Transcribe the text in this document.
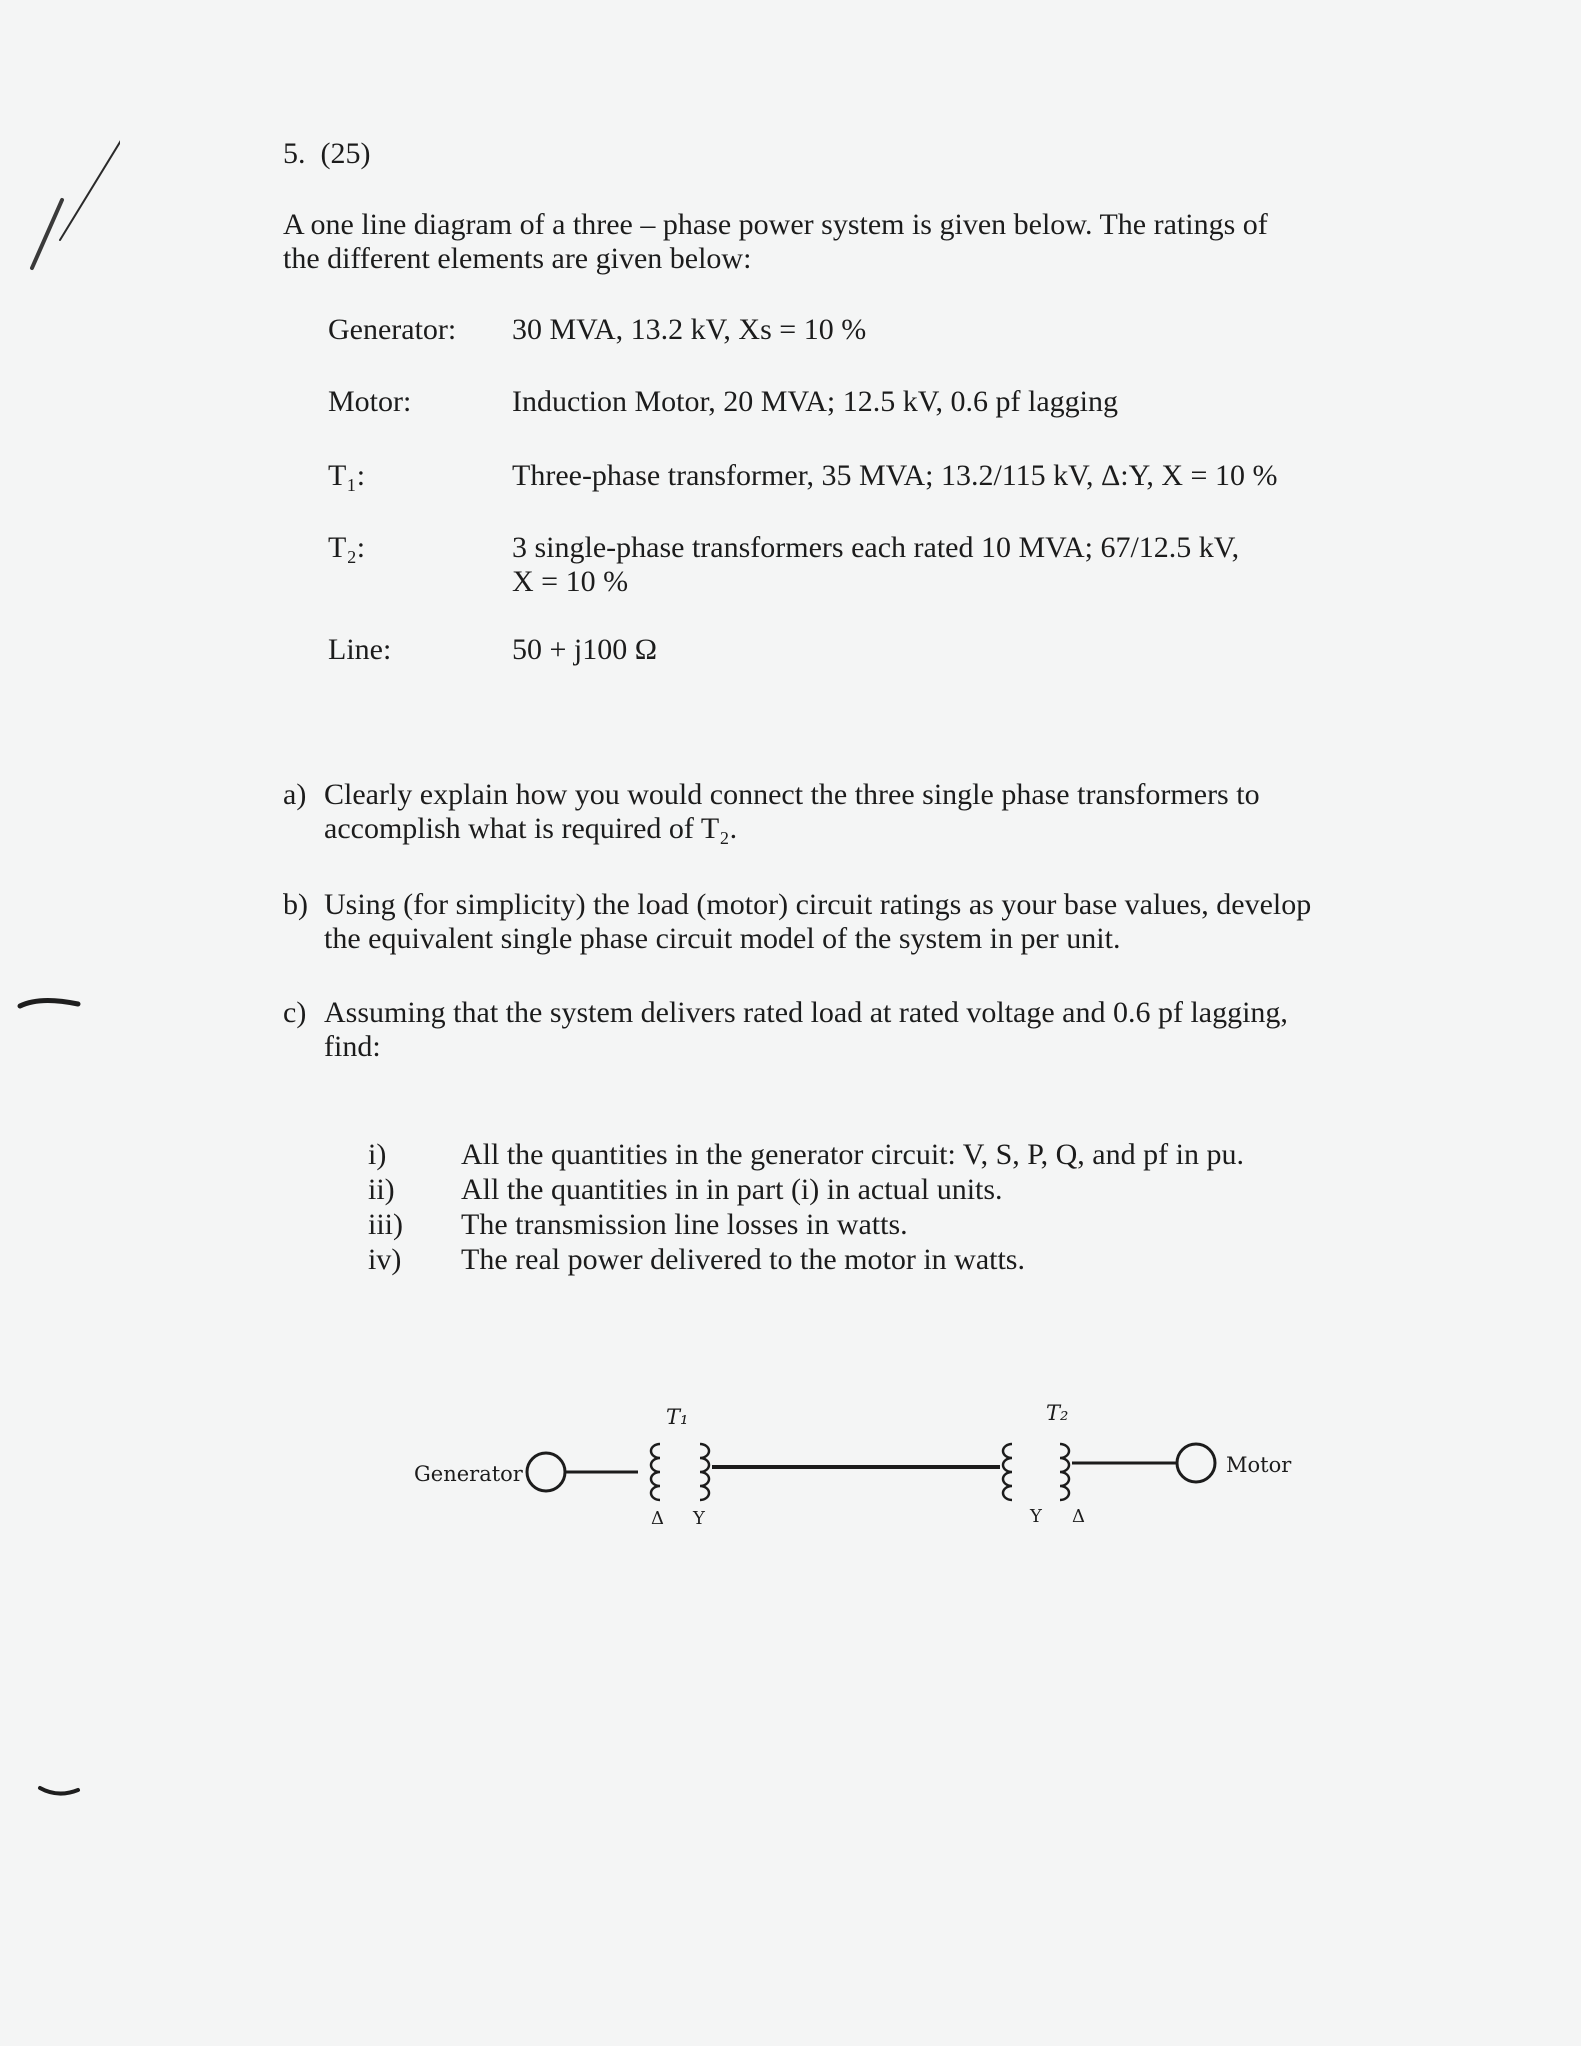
5. (25)
A one line diagram of a three – phase power system is given below. The ratings of
the different elements are given below:
Generator: 30 MVA, 13.2 kV, Xs = 10 %
Motor:	Induction Motor, 20 MVA; 12.5 kV, 0.6 pf lagging
T₁:	Three-phase transformer, 35 MVA; 13.2/115 kV, Δ:Y, X = 10 %
T₂:	3 single-phase transformers each rated 10 MVA; 67/12.5 kV,
X = 10 %
Line:	50 + j100 Ω
a) Clearly explain how you would connect the three single phase transformers to
accomplish what is required of T₂.
b) Using (for simplicity) the load (motor) circuit ratings as your base values, develop
the equivalent single phase circuit model of the system in per unit.
c) Assuming that the system delivers rated load at rated voltage and 0.6 pf lagging,
find:
i) All the quantities in the generator circuit: V, S, P, Q, and pf in pu.
ii) All the quantities in in part (i) in actual units.
iii) The transmission line losses in watts.
iv) The real power delivered to the motor in watts.
Generator	Motor
T₁	T₂
Δ Y	Y Δ
